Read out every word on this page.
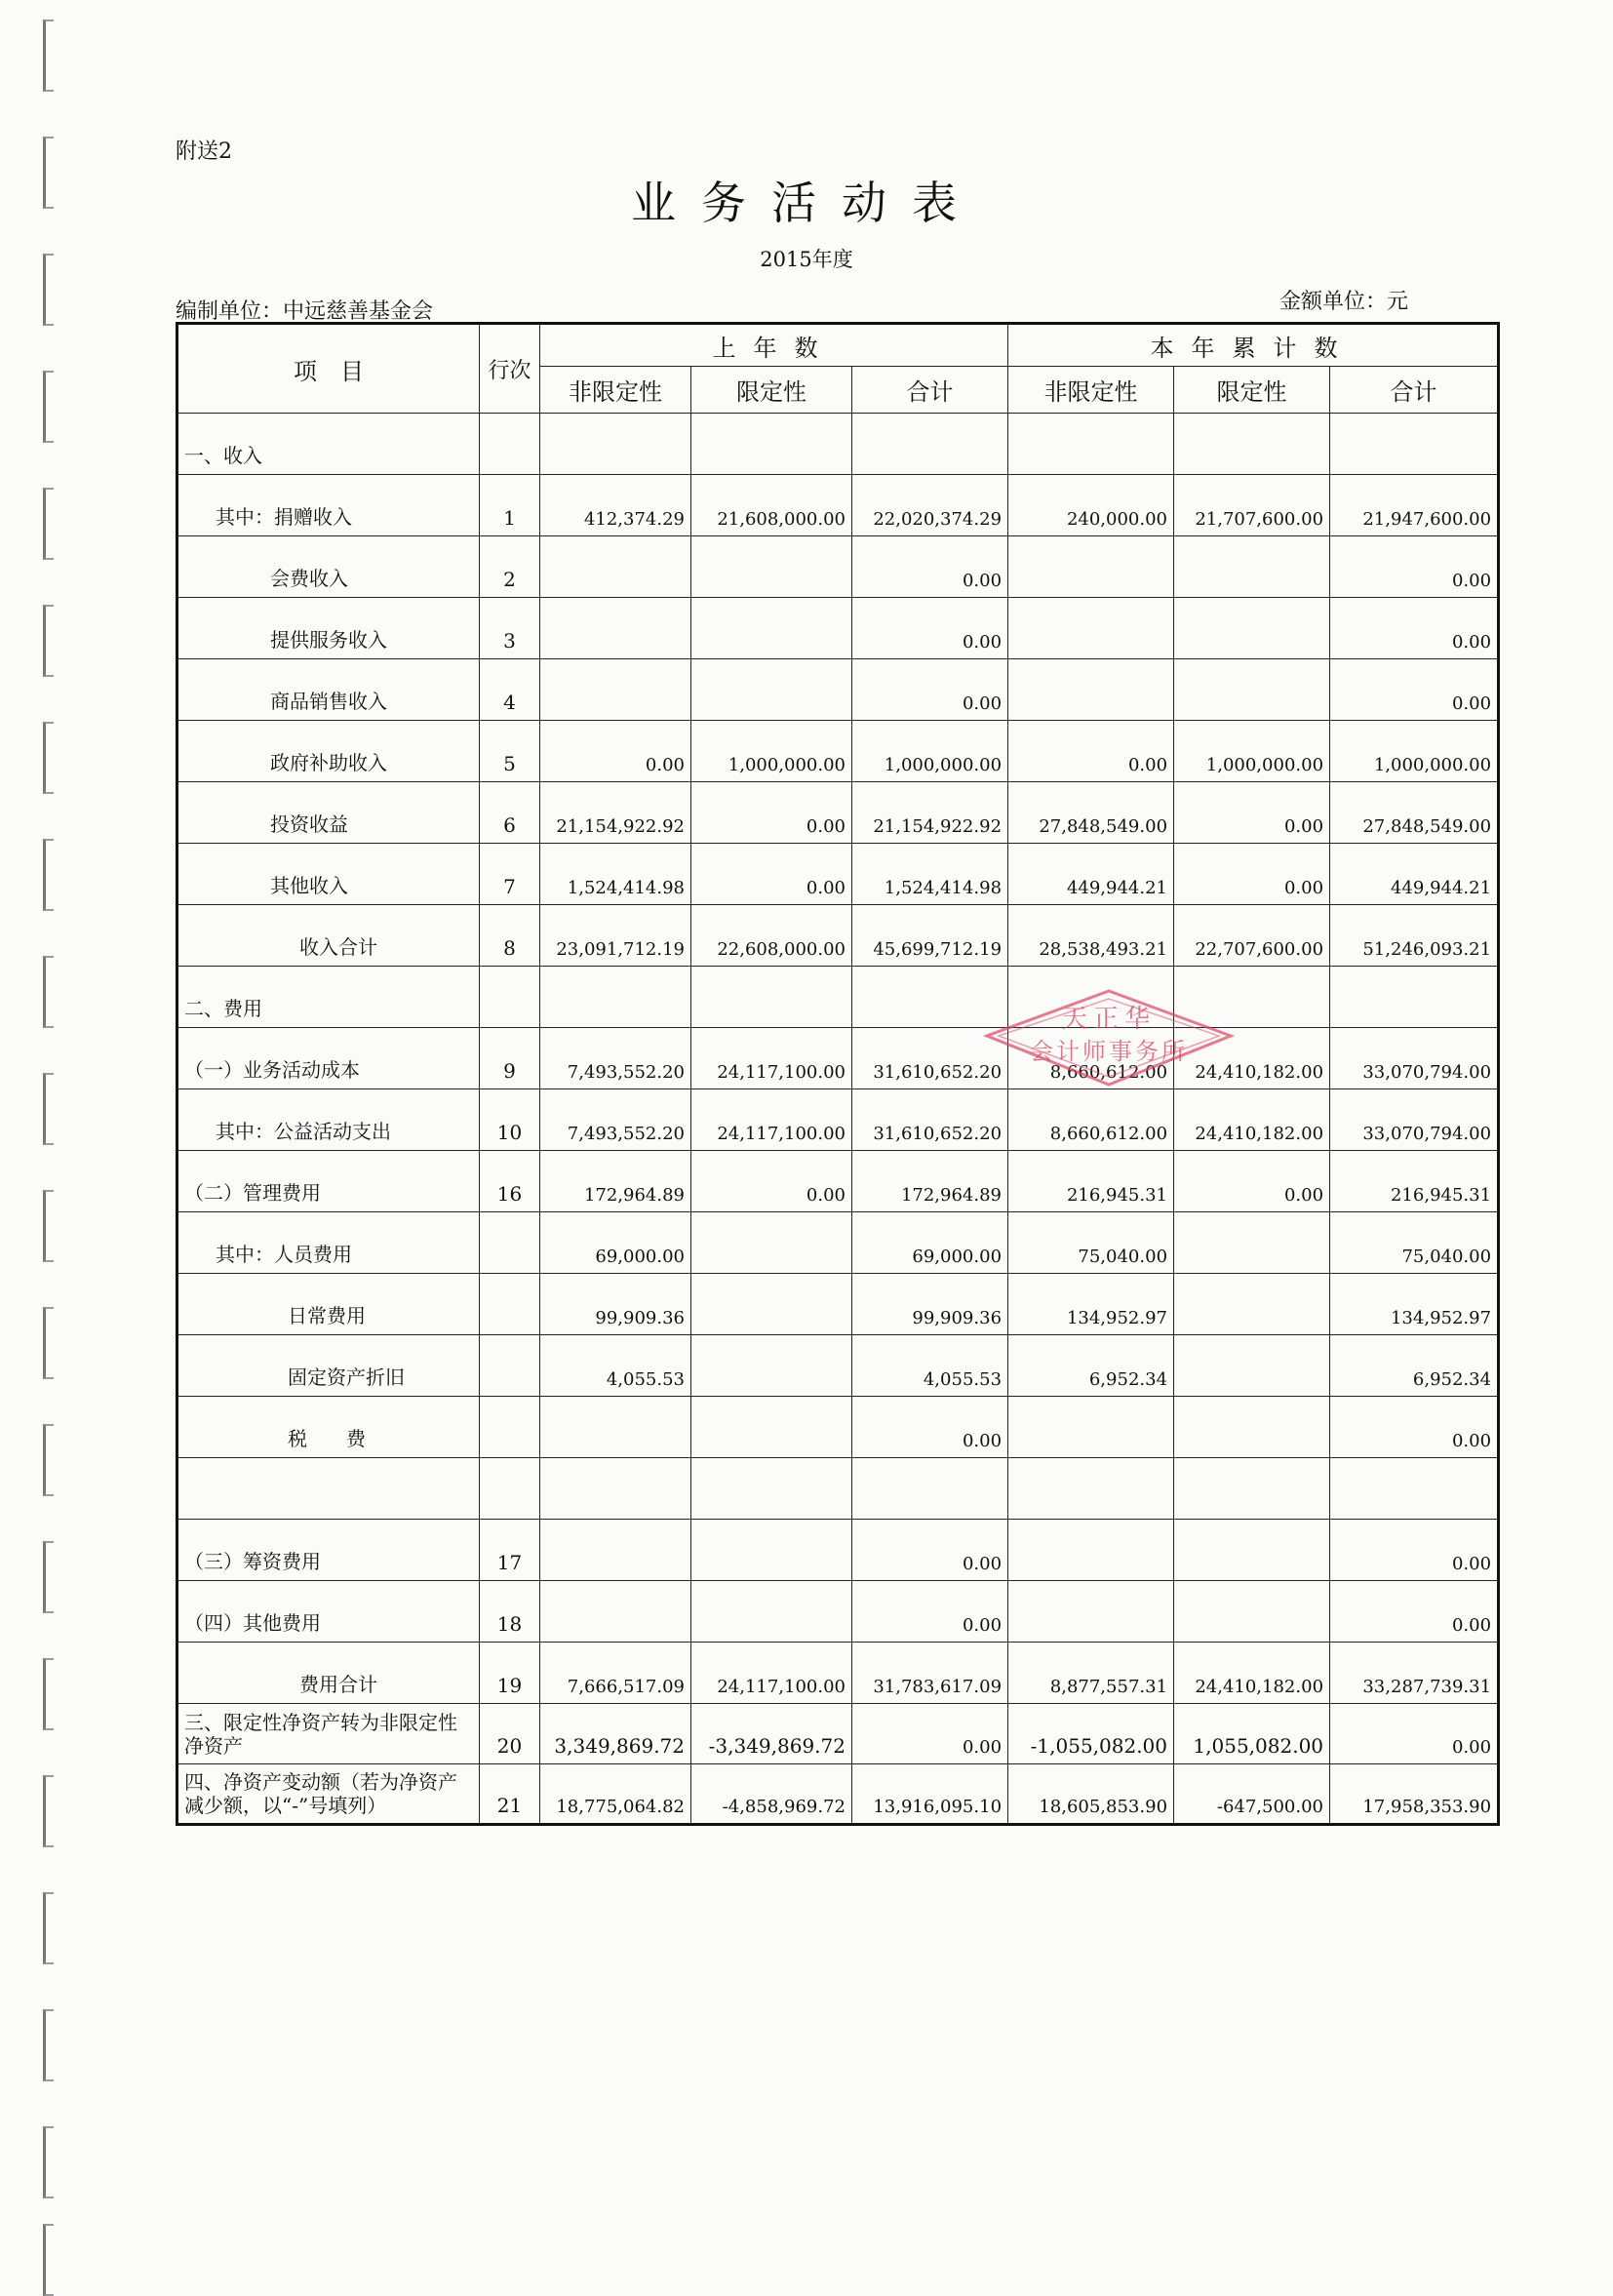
附送2
业务活动表
2015年度
编制单位：中远慈善基金会	金额单位：元
项　目	行次	上年数			本年累计数		
		非限定性	限定性	合计	非限定性	限定性	合计
一、收入							
其中：捐赠收入	1	412,374.29	21,608,000.00	22,020,374.29	240,000.00	21,707,600.00	21,947,600.00
会费收入	2			0.00			0.00
提供服务收入	3			0.00			0.00
商品销售收入	4			0.00			0.00
政府补助收入	5	0.00	1,000,000.00	1,000,000.00	0.00	1,000,000.00	1,000,000.00
投资收益	6	21,154,922.92	0.00	21,154,922.92	27,848,549.00	0.00	27,848,549.00
其他收入	7	1,524,414.98	0.00	1,524,414.98	449,944.21	0.00	449,944.21
收入合计	8	23,091,712.19	22,608,000.00	45,699,712.19	28,538,493.21	22,707,600.00	51,246,093.21
二、费用							
（一）业务活动成本	9	7,493,552.20	24,117,100.00	31,610,652.20	8,660,612.00	24,410,182.00	33,070,794.00
其中：公益活动支出	10	7,493,552.20	24,117,100.00	31,610,652.20	8,660,612.00	24,410,182.00	33,070,794.00
（二）管理费用	16	172,964.89	0.00	172,964.89	216,945.31	0.00	216,945.31
其中：人员费用		69,000.00		69,000.00	75,040.00		75,040.00
日常费用		99,909.36		99,909.36	134,952.97		134,952.97
固定资产折旧		4,055.53		4,055.53	6,952.34		6,952.34
税　　费				0.00			0.00

（三）筹资费用	17			0.00			0.00
（四）其他费用	18			0.00			0.00
费用合计	19	7,666,517.09	24,117,100.00	31,783,617.09	8,877,557.31	24,410,182.00	33,287,739.31
三、限定性净资产转为非限定性净资产	20	3,349,869.72	-3,349,869.72	0.00	-1,055,082.00	1,055,082.00	0.00
四、净资产变动额（若为净资产减少额，以“-”号填列）	21	18,775,064.82	-4,858,969.72	13,916,095.10	18,605,853.90	-647,500.00	17,958,353.90
天正华
会计师事务所
